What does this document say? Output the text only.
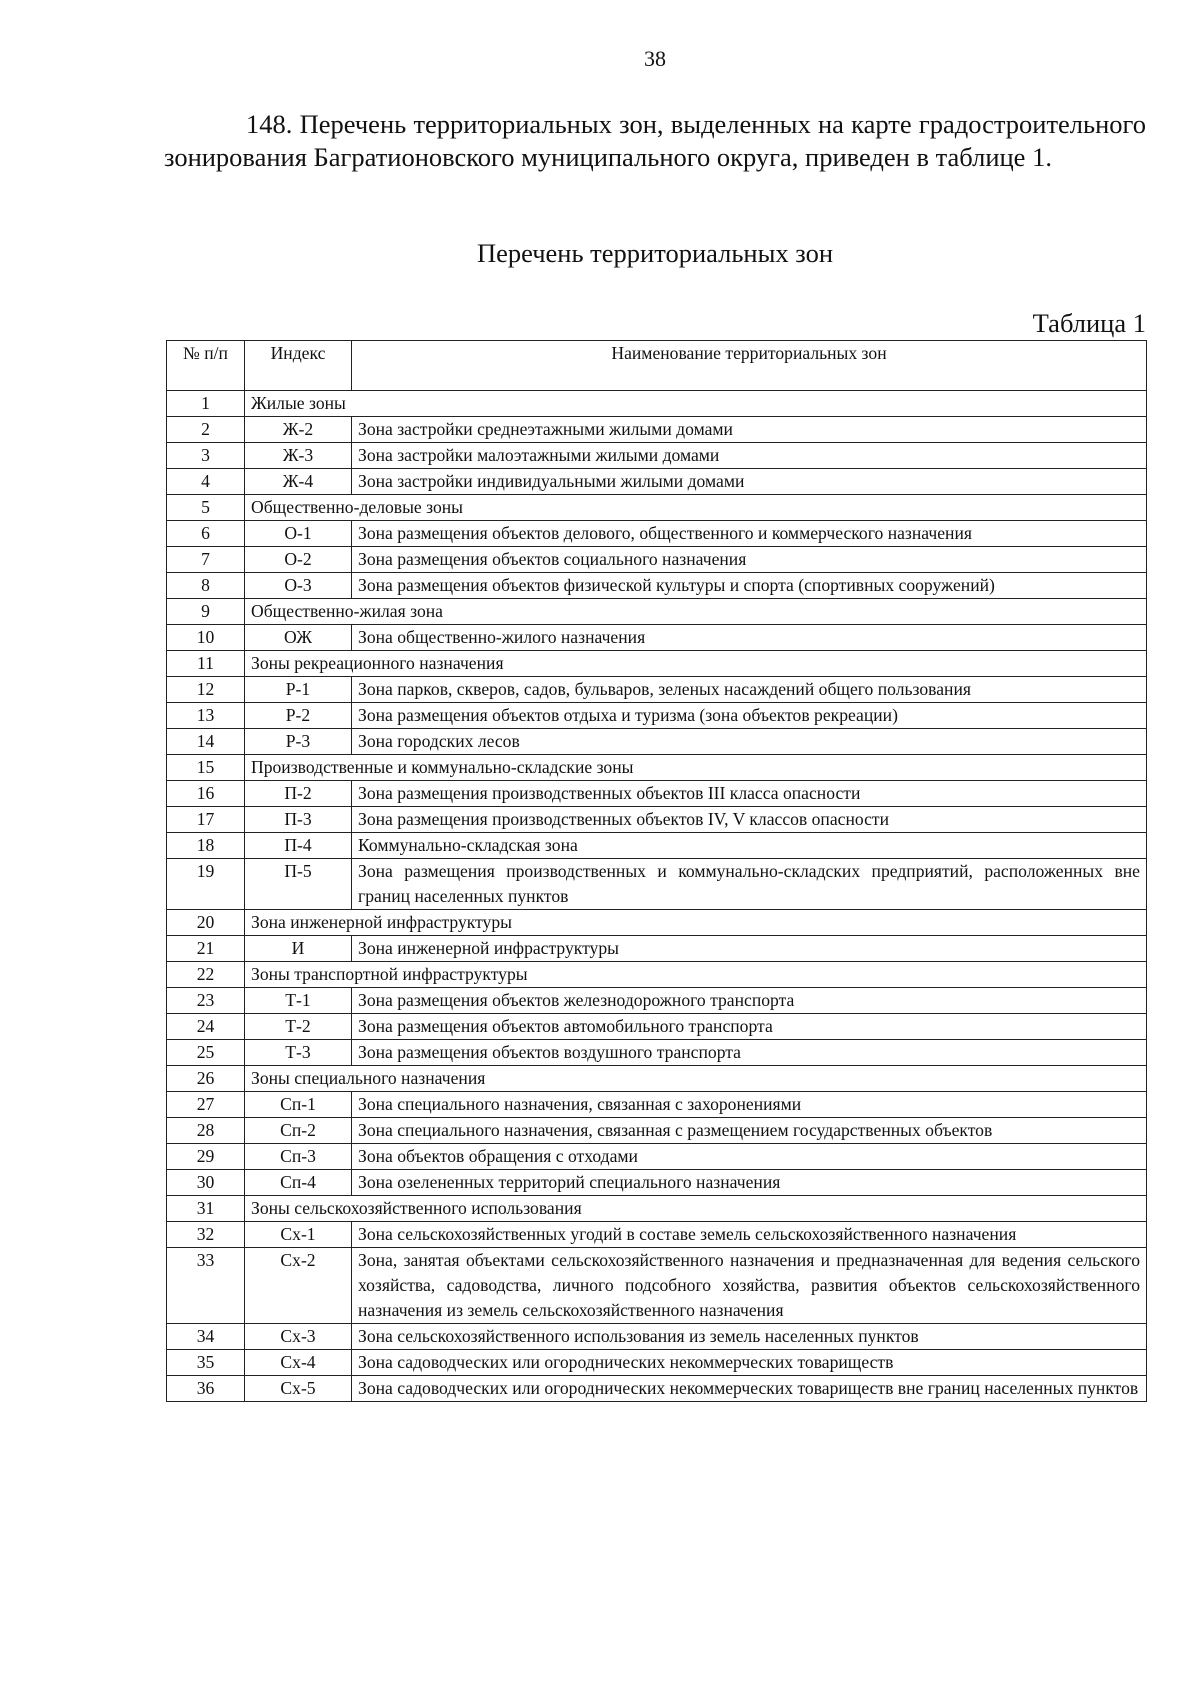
38

148. Перечень территориальных зон, выделенных на карте градостроительного зонирования Багратионовского муниципального округа, приведен в таблице 1.

Перечень территориальных зон
Таблица 1
№ п/п	Индекс	Наименование территориальных зон
1	Жилые зоны	
2	Ж-2	Зона застройки среднеэтажными жилыми домами
3	Ж-3	Зона застройки малоэтажными жилыми домами
4	Ж-4	Зона застройки индивидуальными жилыми домами
5	Общественно-деловые зоны	
6	О-1	Зона размещения объектов делового, общественного и коммерческого назначения
7	О-2	Зона размещения объектов социального назначения
8	О-3	Зона размещения объектов физической культуры и спорта (спортивных сооружений)
9	Общественно-жилая зона	
10	ОЖ	Зона общественно-жилого назначения
11	Зоны рекреационного назначения	
12	Р-1	Зона парков, скверов, садов, бульваров, зеленых насаждений общего пользования
13	Р-2	Зона размещения объектов отдыха и туризма (зона объектов рекреации)
14	Р-3	Зона городских лесов
15	Производственные и коммунально-складские зоны	
16	П-2	Зона размещения производственных объектов III класса опасности
17	П-3	Зона размещения производственных объектов IV, V классов опасности
18	П-4	Коммунально-складская зона
19	П-5	Зона размещения производственных и коммунально-складских предприятий, расположенных вне границ населенных пунктов
20	Зона инженерной инфраструктуры	
21	И	Зона инженерной инфраструктуры
22	Зоны транспортной инфраструктуры	
23	Т-1	Зона размещения объектов железнодорожного транспорта
24	Т-2	Зона размещения объектов автомобильного транспорта
25	Т-3	Зона размещения объектов воздушного транспорта
26	Зоны специального назначения	
27	Сп-1	Зона специального назначения, связанная с захоронениями
28	Сп-2	Зона специального назначения, связанная с размещением государственных объектов
29	Сп-3	Зона объектов обращения с отходами
30	Сп-4	Зона озелененных территорий специального назначения
31	Зоны сельскохозяйственного использования	
32	Сх-1	Зона сельскохозяйственных угодий в составе земель сельскохозяйственного назначения
33	Сх-2	Зона, занятая объектами сельскохозяйственного назначения и предназначенная для ведения сельского хозяйства, садоводства, личного подсобного хозяйства, развития объектов сельскохозяйственного назначения из земель сельскохозяйственного назначения
34	Сх-3	Зона сельскохозяйственного использования из земель населенных пунктов
35	Сх-4	Зона садоводческих или огороднических некоммерческих товариществ
36	Сх-5	Зона садоводческих или огороднических некоммерческих товариществ вне границ населенных пунктов
